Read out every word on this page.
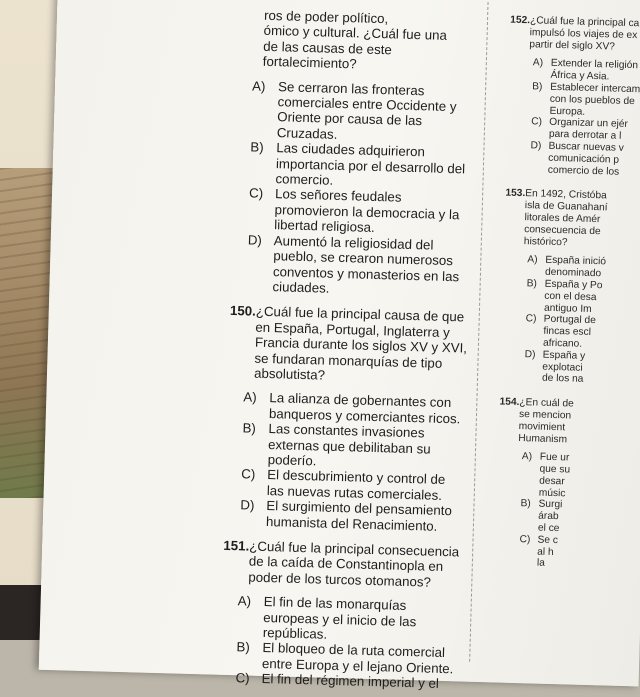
ros de poder político,
ómico y cultural. ¿Cuál fue una
de las causas de este
fortalecimiento?
A) Se cerraron las fronteras
comerciales entre Occidente y
Oriente por causa de las
Cruzadas.
B) Las ciudades adquirieron
importancia por el desarrollo del
comercio.
C) Los señores feudales
promovieron la democracia y la
libertad religiosa.
D) Aumentó la religiosidad del
pueblo, se crearon numerosos
conventos y monasterios en las
ciudades.
150.¿Cuál fue la principal causa de que
en España, Portugal, Inglaterra y
Francia durante los siglos XV y XVI,
se fundaran monarquías de tipo
absolutista?
A) La alianza de gobernantes con
banqueros y comerciantes ricos.
B) Las constantes invasiones
externas que debilitaban su
poderío.
C) El descubrimiento y control de
las nuevas rutas comerciales.
D) El surgimiento del pensamiento
humanista del Renacimiento.
151.¿Cuál fue la principal consecuencia
de la caída de Constantinopla en
poder de los turcos otomanos?
A) El fin de las monarquías
europeas y el inicio de las
repúblicas.
B) El bloqueo de la ruta comercial
entre Europa y el lejano Oriente.
C) El fin del régimen imperial y el
152.¿Cuál fue la principal ca
impulsó los viajes de ex
partir del siglo XV?
A) Extender la religión
África y Asia.
B) Establecer intercam
con los pueblos de
Europa.
C) Organizar un ejér
para derrotar a l
D) Buscar nuevas v
comunicación p
comercio de los
153.En 1492, Cristóba
isla de Guanahaní
litorales de Amér
consecuencia de
histórico?
A) España inició
denominado
B) España y Po
con el desa
antiguo Im
C) Portugal de
fincas escl
africano.
D) España y
explotaci
de los na
154.¿En cuál de
se mencion
movimient
Humanism
A) Fue ur
que su
desar
músic
B) Surgi
árab
el ce
C) Se c
al h
la
